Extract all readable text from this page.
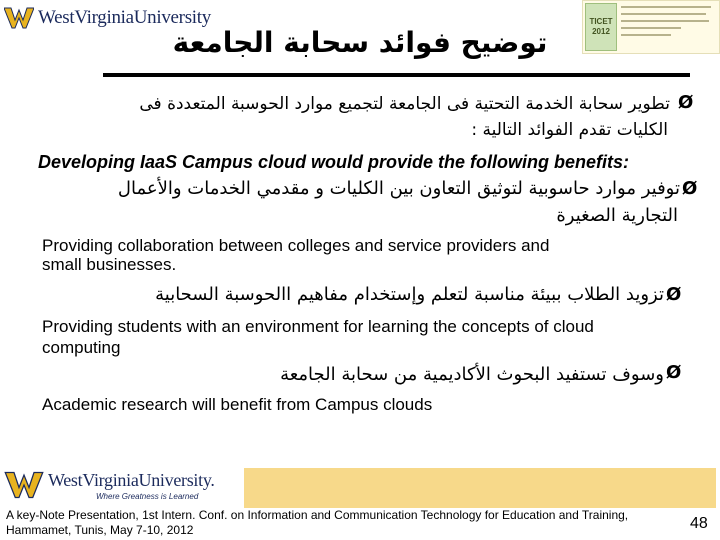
WestVirginiaUniversity	TICET 2012
توضيح فوائد سحابة الجامعة
Ø
تطوير سحابة الخدمة التحتية فى الجامعة لتجميع موارد الحوسبة المتعددة فى
الكليات تقدم الفوائد التالية :
Developing IaaS Campus cloud would provide the following benefits:
Ø
توفير موارد حاسوبية لتوثيق التعاون بين الكليات و مقدمي الخدمات والأعمال
التجارية الصغيرة
Providing collaboration between colleges and service providers and
small businesses.
Ø
تزويد الطلاب ببيئة مناسبة لتعلم وإستخدام مفاهيم االحوسبة السحابية
Providing students with an environment for learning the concepts of cloud
computing
Ø
وسوف تستفيد البحوث الأكاديمية من سحابة الجامعة
Academic research will benefit from Campus clouds
WestVirginiaUniversity.
Where Greatness is Learned
A key-Note Presentation, 1st Intern. Conf. on Information and Communication Technology for Education and Training,
Hammamet, Tunis, May 7-10, 2012	48
